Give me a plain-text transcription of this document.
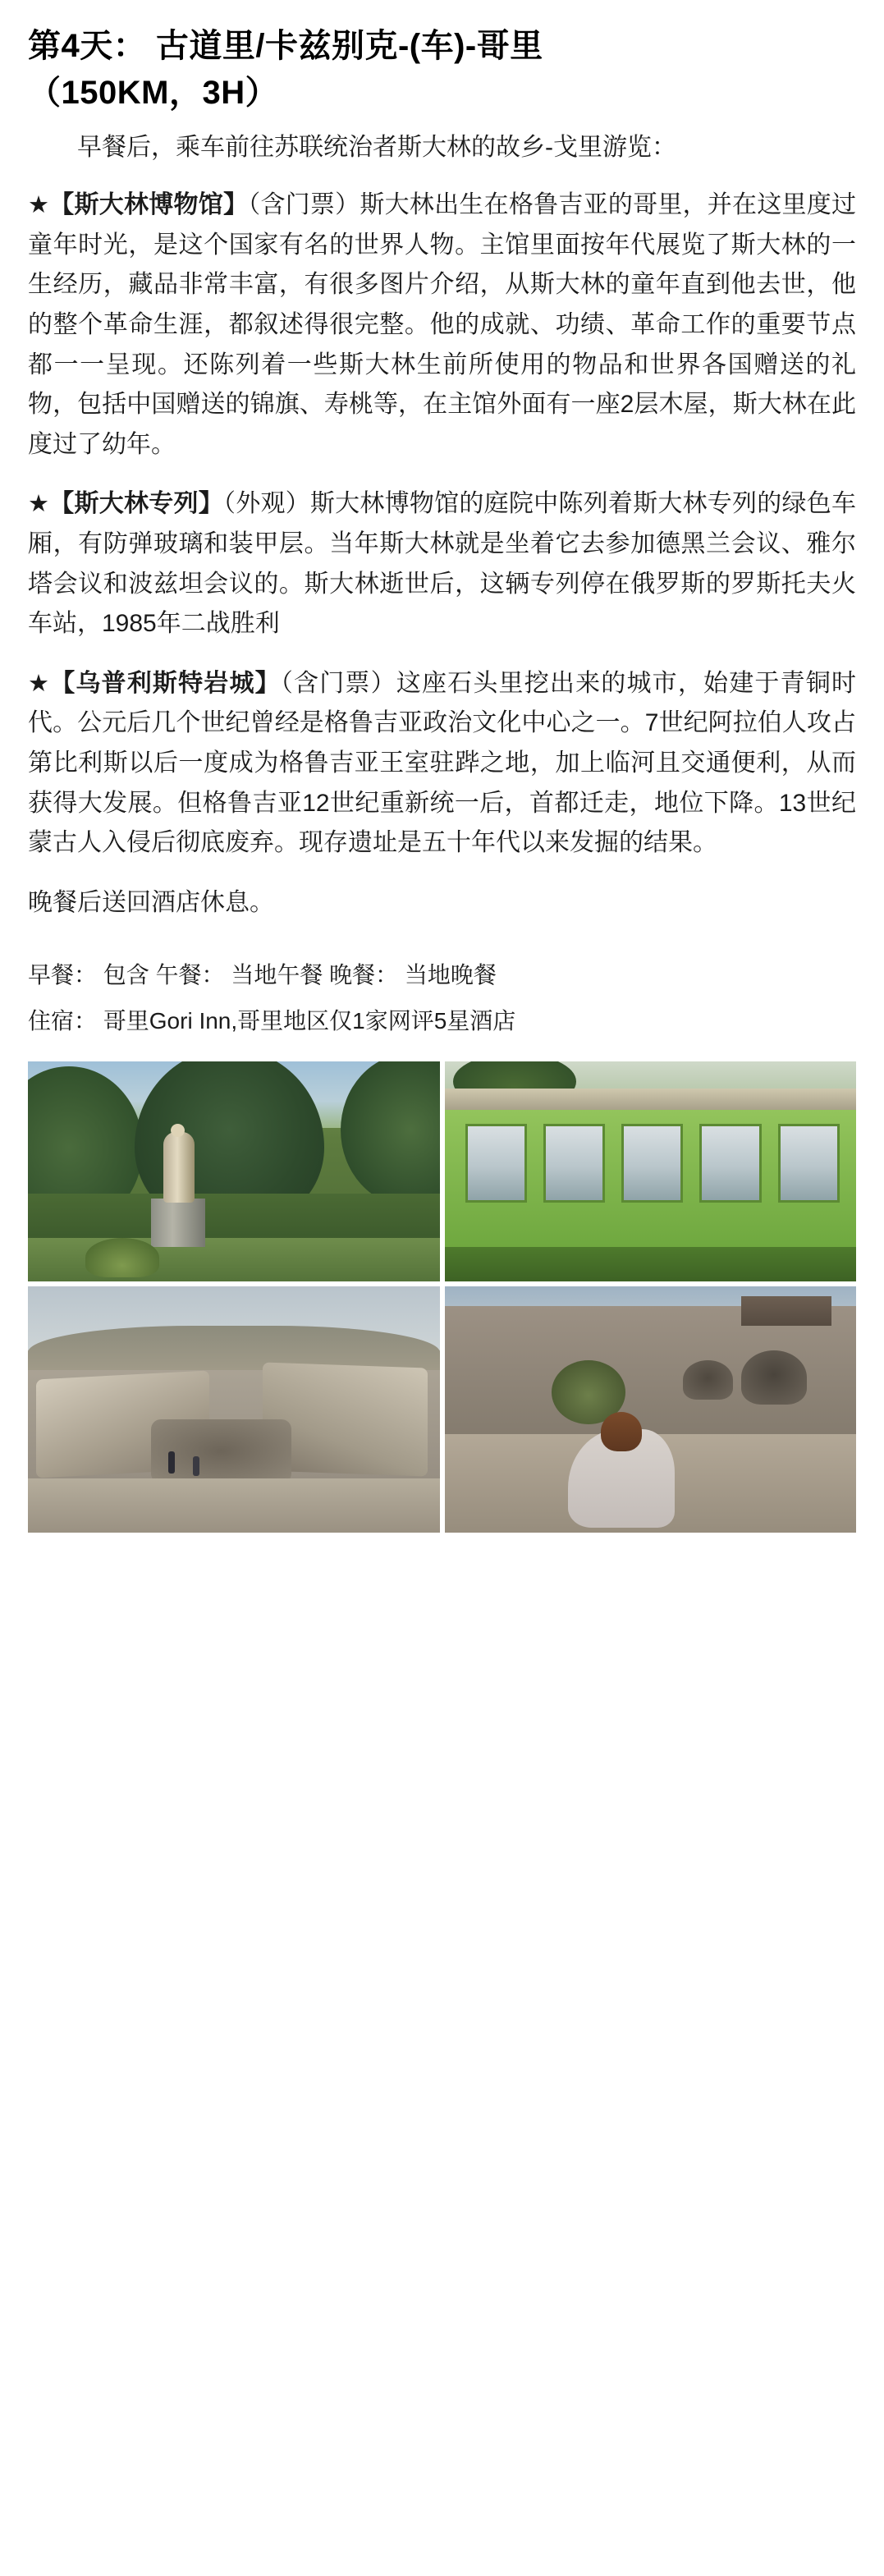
第4天： 古道里/卡兹别克-(车)-哥里
（150KM，3H）

早餐后，乘车前往苏联统治者斯大林的故乡-戈里游览：

★【斯大林博物馆】（含门票）斯大林出生在格鲁吉亚的哥里，并在这里度过童年时光，是这个国家有名的世界人物。主馆里面按年代展览了斯大林的一生经历，藏品非常丰富，有很多图片介绍，从斯大林的童年直到他去世，他的整个革命生涯，都叙述得很完整。他的成就、功绩、革命工作的重要节点都一一呈现。还陈列着一些斯大林生前所使用的物品和世界各国赠送的礼物，包括中国赠送的锦旗、寿桃等，在主馆外面有一座2层木屋，斯大林在此度过了幼年。

★【斯大林专列】（外观）斯大林博物馆的庭院中陈列着斯大林专列的绿色车厢，有防弹玻璃和装甲层。当年斯大林就是坐着它去参加德黑兰会议、雅尔塔会议和波兹坦会议的。斯大林逝世后，这辆专列停在俄罗斯的罗斯托夫火车站，1985年二战胜利

★【乌普利斯特岩城】（含门票）这座石头里挖出来的城市，始建于青铜时代。公元后几个世纪曾经是格鲁吉亚政治文化中心之一。7世纪阿拉伯人攻占第比利斯以后一度成为格鲁吉亚王室驻跸之地，加上临河且交通便利，从而获得大发展。但格鲁吉亚12世纪重新统一后，首都迁走，地位下降。13世纪蒙古人入侵后彻底废弃。现存遗址是五十年代以来发掘的结果。

晚餐后送回酒店休息。

早餐： 包含 午餐： 当地午餐 晚餐： 当地晚餐

住宿： 哥里Gori Inn,哥里地区仅1家网评5星酒店
